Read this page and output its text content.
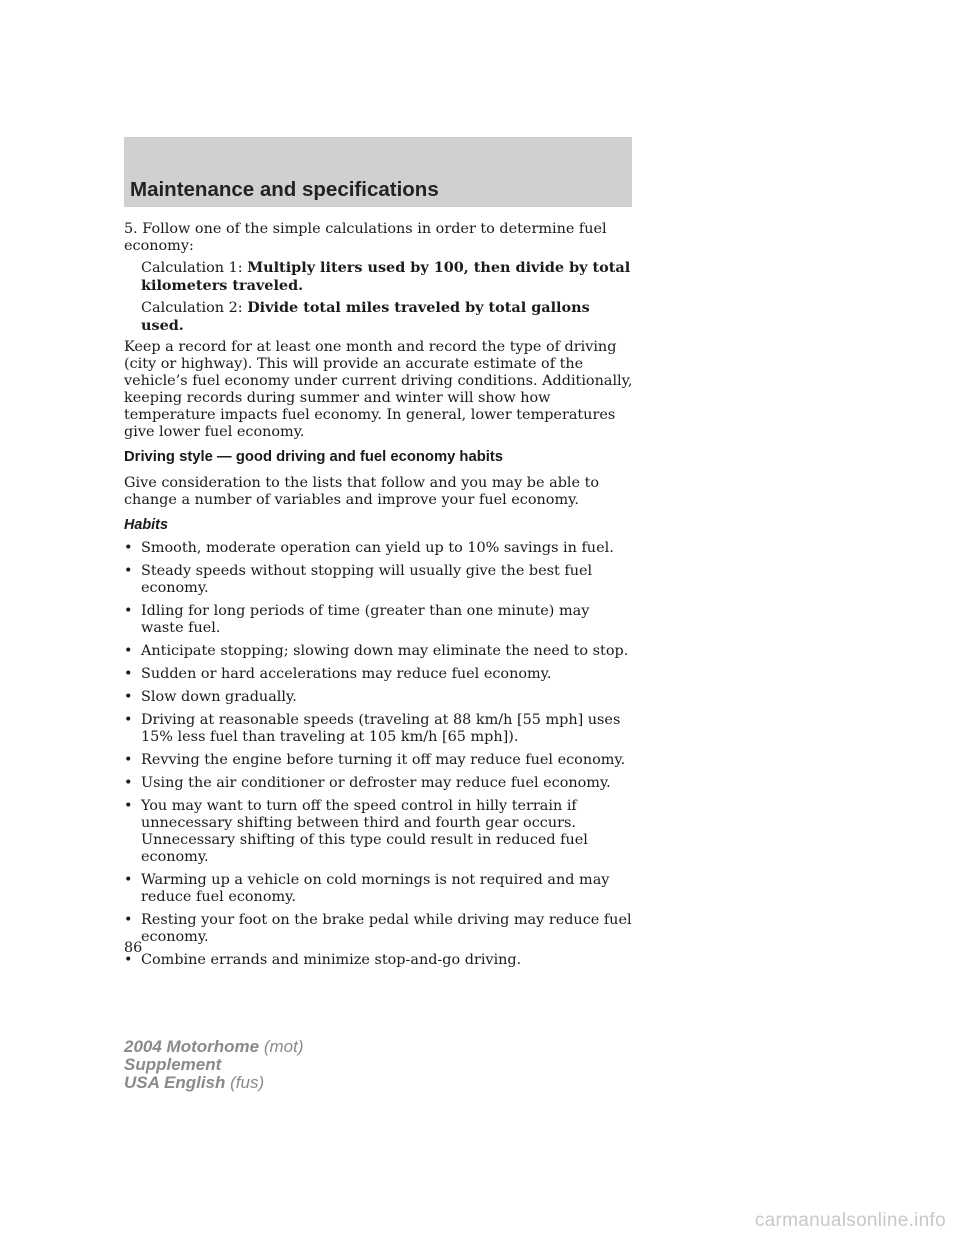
Maintenance and specifications

5. Follow one of the simple calculations in order to determine fuel economy:

Calculation 1: Multiply liters used by 100, then divide by total kilometers traveled.

Calculation 2: Divide total miles traveled by total gallons used.

Keep a record for at least one month and record the type of driving (city or highway). This will provide an accurate estimate of the vehicle’s fuel economy under current driving conditions. Additionally, keeping records during summer and winter will show how temperature impacts fuel economy. In general, lower temperatures give lower fuel economy.

Driving style — good driving and fuel economy habits

Give consideration to the lists that follow and you may be able to change a number of variables and improve your fuel economy.

Habits
• Smooth, moderate operation can yield up to 10% savings in fuel.
• Steady speeds without stopping will usually give the best fuel economy.
• Idling for long periods of time (greater than one minute) may waste fuel.
• Anticipate stopping; slowing down may eliminate the need to stop.
• Sudden or hard accelerations may reduce fuel economy.
• Slow down gradually.
• Driving at reasonable speeds (traveling at 88 km/h [55 mph] uses 15% less fuel than traveling at 105 km/h [65 mph]).
• Revving the engine before turning it off may reduce fuel economy.
• Using the air conditioner or defroster may reduce fuel economy.
• You may want to turn off the speed control in hilly terrain if unnecessary shifting between third and fourth gear occurs. Unnecessary shifting of this type could result in reduced fuel economy.
• Warming up a vehicle on cold mornings is not required and may reduce fuel economy.
• Resting your foot on the brake pedal while driving may reduce fuel economy.
• Combine errands and minimize stop-and-go driving.
86
2004 Motorhome (mot)
Supplement
USA English (fus)
carmanualsonline.info
